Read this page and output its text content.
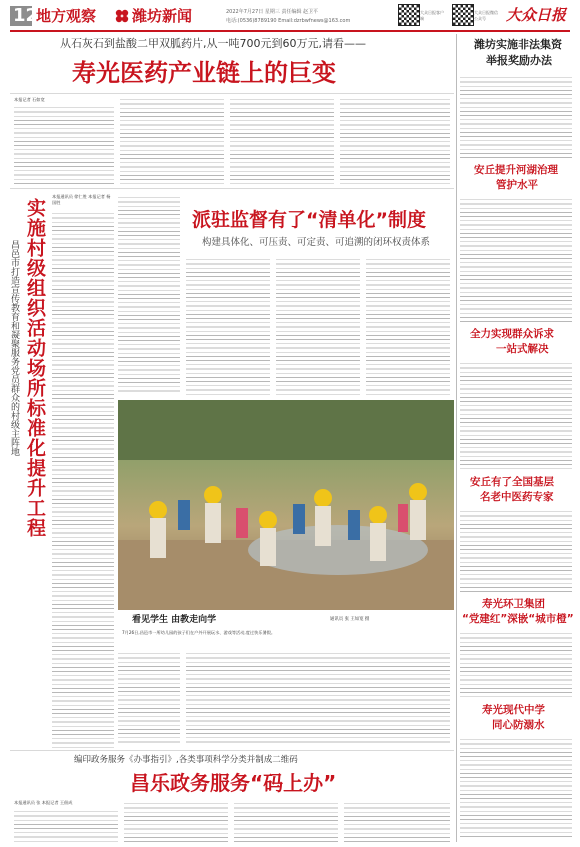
12
地方观察 潍坊新闻	2022年7月27日 星期三 责任编辑 赵卫平
电话:(0536)8789190 Email:dzrbwfnews@163.com
大众日报客户端
大众日报微信公众号	大众日报
从石灰石到盐酸二甲双胍药片,从一吨700元到60万元,请看——
寿光医药产业链上的巨变
本报记者 石如宽
潍坊实施非法集资
举报奖励办法
安丘提升河湖治理
管护水平
全力实现群众诉求
一站式解决
安丘有了全国基层
名老中医药专家
寿光环卫集团
“党建红”深嵌“城市橙”
寿光现代中学
同心防溺水
实施村级组织活动场所标准化提升工程
昌邑市打造宣传教育和凝聚服务党员群众的村级主阵地
本报通讯员 徐仁胜 本报记者 杨国胜
派驻监督有了“清单化”制度
构建具体化、可压责、可定责、可追溯的闭环权责体系
看见学生 由教走向学	通讯员 张 王如宽 摄
7月26日,昌邑市一所幼儿园的孩子们在户外开展玩水、游戏等活动,度过快乐暑假。
编印政务服务《办事指引》,各类事项科学分类并制成二维码
昌乐政务服务“码上办”
本报通讯员 张 本报记者 王佃成
